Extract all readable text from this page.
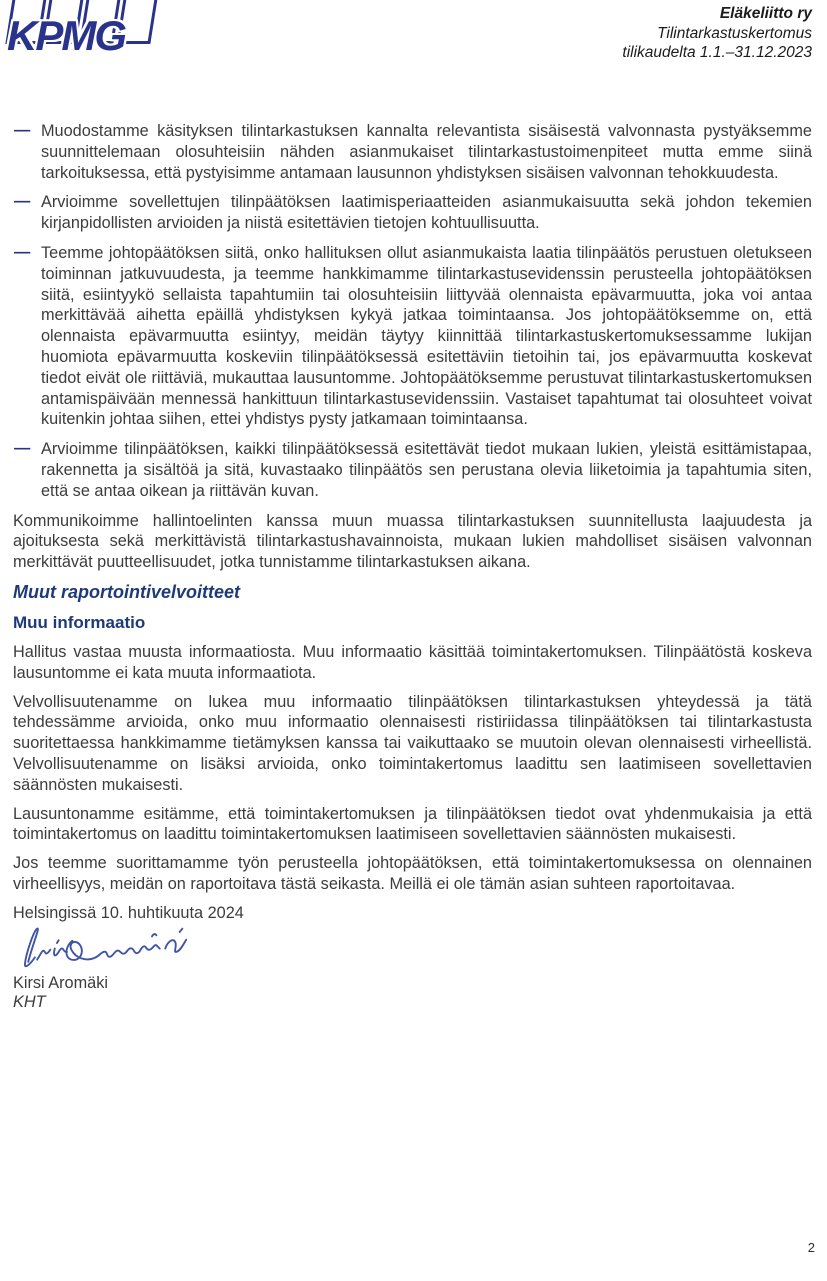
KPMG	Eläkeliitto ry
Tilintarkastuskertomus
tilikaudelta 1.1.–31.12.2023

— Muodostamme käsityksen tilintarkastuksen kannalta relevantista sisäisestä valvonnasta pystyäksemme suunnittelemaan olosuhteisiin nähden asianmukaiset tilintarkastustoimenpiteet mutta emme siinä tarkoituksessa, että pystyisimme antamaan lausunnon yhdistyksen sisäisen valvonnan tehokkuudesta.

— Arvioimme sovellettujen tilinpäätöksen laatimisperiaatteiden asianmukaisuutta sekä johdon tekemien kirjanpidollisten arvioiden ja niistä esitettävien tietojen kohtuullisuutta.

— Teemme johtopäätöksen siitä, onko hallituksen ollut asianmukaista laatia tilinpäätös perustuen oletukseen toiminnan jatkuvuudesta, ja teemme hankkimamme tilintarkastusevidenssin perusteella johtopäätöksen siitä, esiintyykö sellaista tapahtumiin tai olosuhteisiin liittyvää olennaista epävarmuutta, joka voi antaa merkittävää aihetta epäillä yhdistyksen kykyä jatkaa toimintaansa. Jos johtopäätöksemme on, että olennaista epävarmuutta esiintyy, meidän täytyy kiinnittää tilintarkastuskertomuksessamme lukijan huomiota epävarmuutta koskeviin tilinpäätöksessä esitettäviin tietoihin tai, jos epävarmuutta koskevat tiedot eivät ole riittäviä, mukauttaa lausuntomme. Johtopäätöksemme perustuvat tilintarkastuskertomuksen antamispäivään mennessä hankittuun tilintarkastusevidenssiin. Vastaiset tapahtumat tai olosuhteet voivat kuitenkin johtaa siihen, ettei yhdistys pysty jatkamaan toimintaansa.

— Arvioimme tilinpäätöksen, kaikki tilinpäätöksessä esitettävät tiedot mukaan lukien, yleistä esittämistapaa, rakennetta ja sisältöä ja sitä, kuvastaako tilinpäätös sen perustana olevia liiketoimia ja tapahtumia siten, että se antaa oikean ja riittävän kuvan.

Kommunikoimme hallintoelinten kanssa muun muassa tilintarkastuksen suunnitellusta laajuudesta ja ajoituksesta sekä merkittävistä tilintarkastushavainnoista, mukaan lukien mahdolliset sisäisen valvonnan merkittävät puutteellisuudet, jotka tunnistamme tilintarkastuksen aikana.

Muut raportointivelvoitteet
Muu informaatio

Hallitus vastaa muusta informaatiosta. Muu informaatio käsittää toimintakertomuksen. Tilinpäätöstä koskeva lausuntomme ei kata muuta informaatiota.

Velvollisuutenamme on lukea muu informaatio tilinpäätöksen tilintarkastuksen yhteydessä ja tätä tehdessämme arvioida, onko muu informaatio olennaisesti ristiriidassa tilinpäätöksen tai tilintarkastusta suoritettaessa hankkimamme tietämyksen kanssa tai vaikuttaako se muutoin olevan olennaisesti virheellistä. Velvollisuutenamme on lisäksi arvioida, onko toimintakertomus laadittu sen laatimiseen sovellettavien säännösten mukaisesti.

Lausuntonamme esitämme, että toimintakertomuksen ja tilinpäätöksen tiedot ovat yhdenmukaisia ja että toimintakertomus on laadittu toimintakertomuksen laatimiseen sovellettavien säännösten mukaisesti.

Jos teemme suorittamamme työn perusteella johtopäätöksen, että toimintakertomuksessa on olennainen virheellisyys, meidän on raportoitava tästä seikasta. Meillä ei ole tämän asian suhteen raportoitavaa.

Helsingissä 10. huhtikuuta 2024

Kirsi Aromäki

KHT

2
